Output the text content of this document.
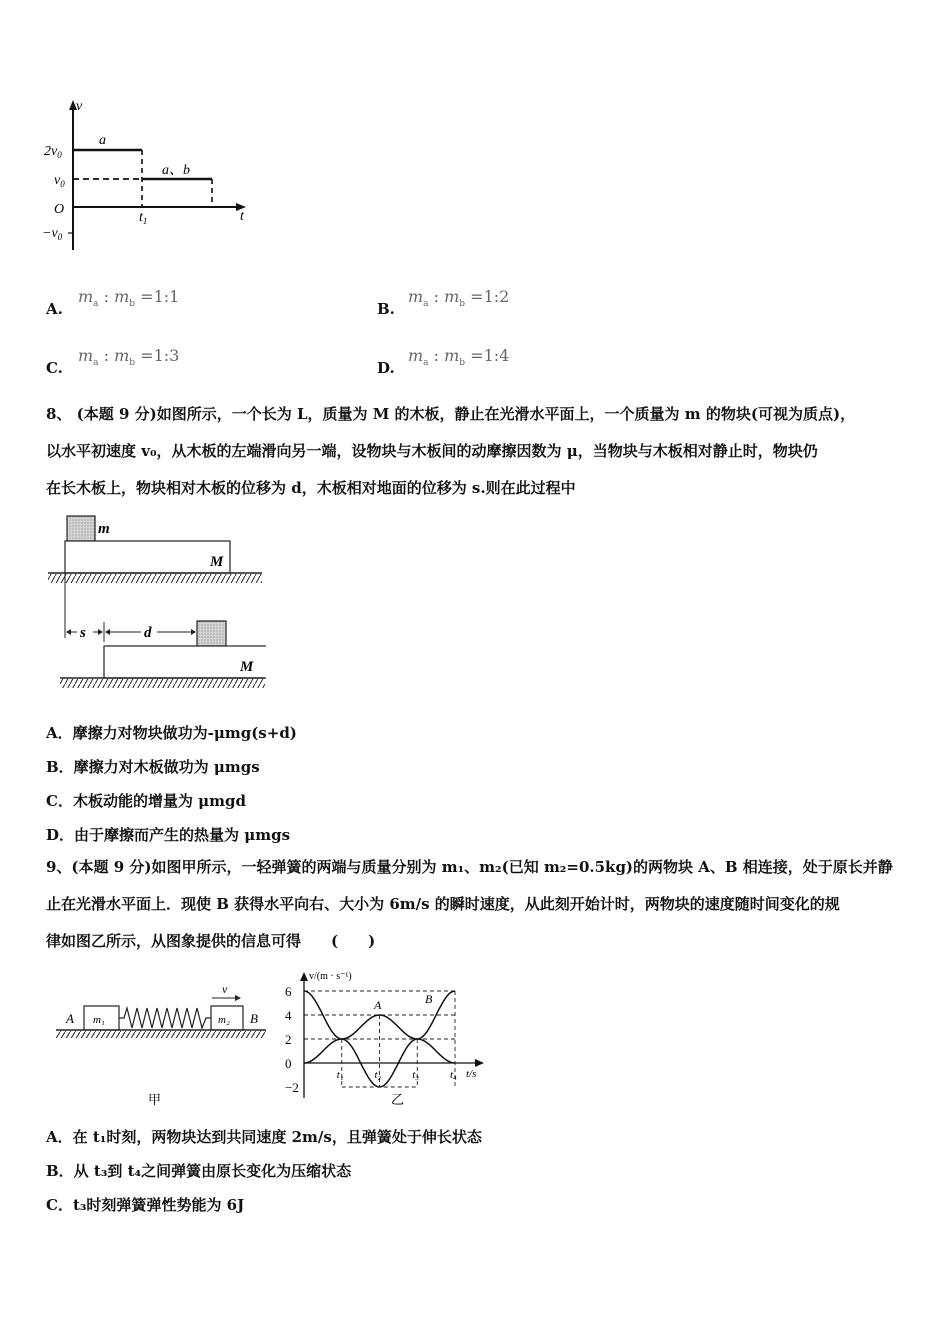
v
t
$2v_0$
$v_0$
O
$-v_0$
$t_1$
a
a、b
A.
$m_a$ : $m_b$ =1:1
B.
$m_a$ : $m_b$ =1:2
C.
$m_a$ : $m_b$ =1:3
D.
$m_a$ : $m_b$ =1:4
8、 (本题 9 分)如图所示，一个长为 L，质量为 M 的木板，静止在光滑水平面上，一个质量为 m 的物块(可视为质点)，
以水平初速度 v₀，从木板的左端滑向另一端，设物块与木板间的动摩擦因数为 μ，当物块与木板相对静止时，物块仍
在长木板上，物块相对木板的位移为 d，木板相对地面的位移为 s.则在此过程中
m
M
s	d
M
A．摩擦力对物块做功为-μmg(s+d)
B．摩擦力对木板做功为 μmgs
C．木板动能的增量为 μmgd
D．由于摩擦而产生的热量为 μmgs
9、(本题 9 分)如图甲所示，一轻弹簧的两端与质量分别为 m₁、m₂(已知 m₂=0.5kg)的两物块 A、B 相连接，处于原长并静
止在光滑水平面上．现使 B 获得水平向右、大小为 6m/s 的瞬时速度，从此刻开始计时，两物块的速度随时间变化的规
律如图乙所示，从图象提供的信息可得　　(　　)
A m₁	m₂ B
v
甲
v/(m · s⁻¹)
t/s
乙
6
4
2
0
−2
t₁	t₂	t₃	t₄
A	B
A．在 t₁时刻，两物块达到共同速度 2m/s，且弹簧处于伸长状态
B．从 t₃到 t₄之间弹簧由原长变化为压缩状态
C．t₃时刻弹簧弹性势能为 6J
